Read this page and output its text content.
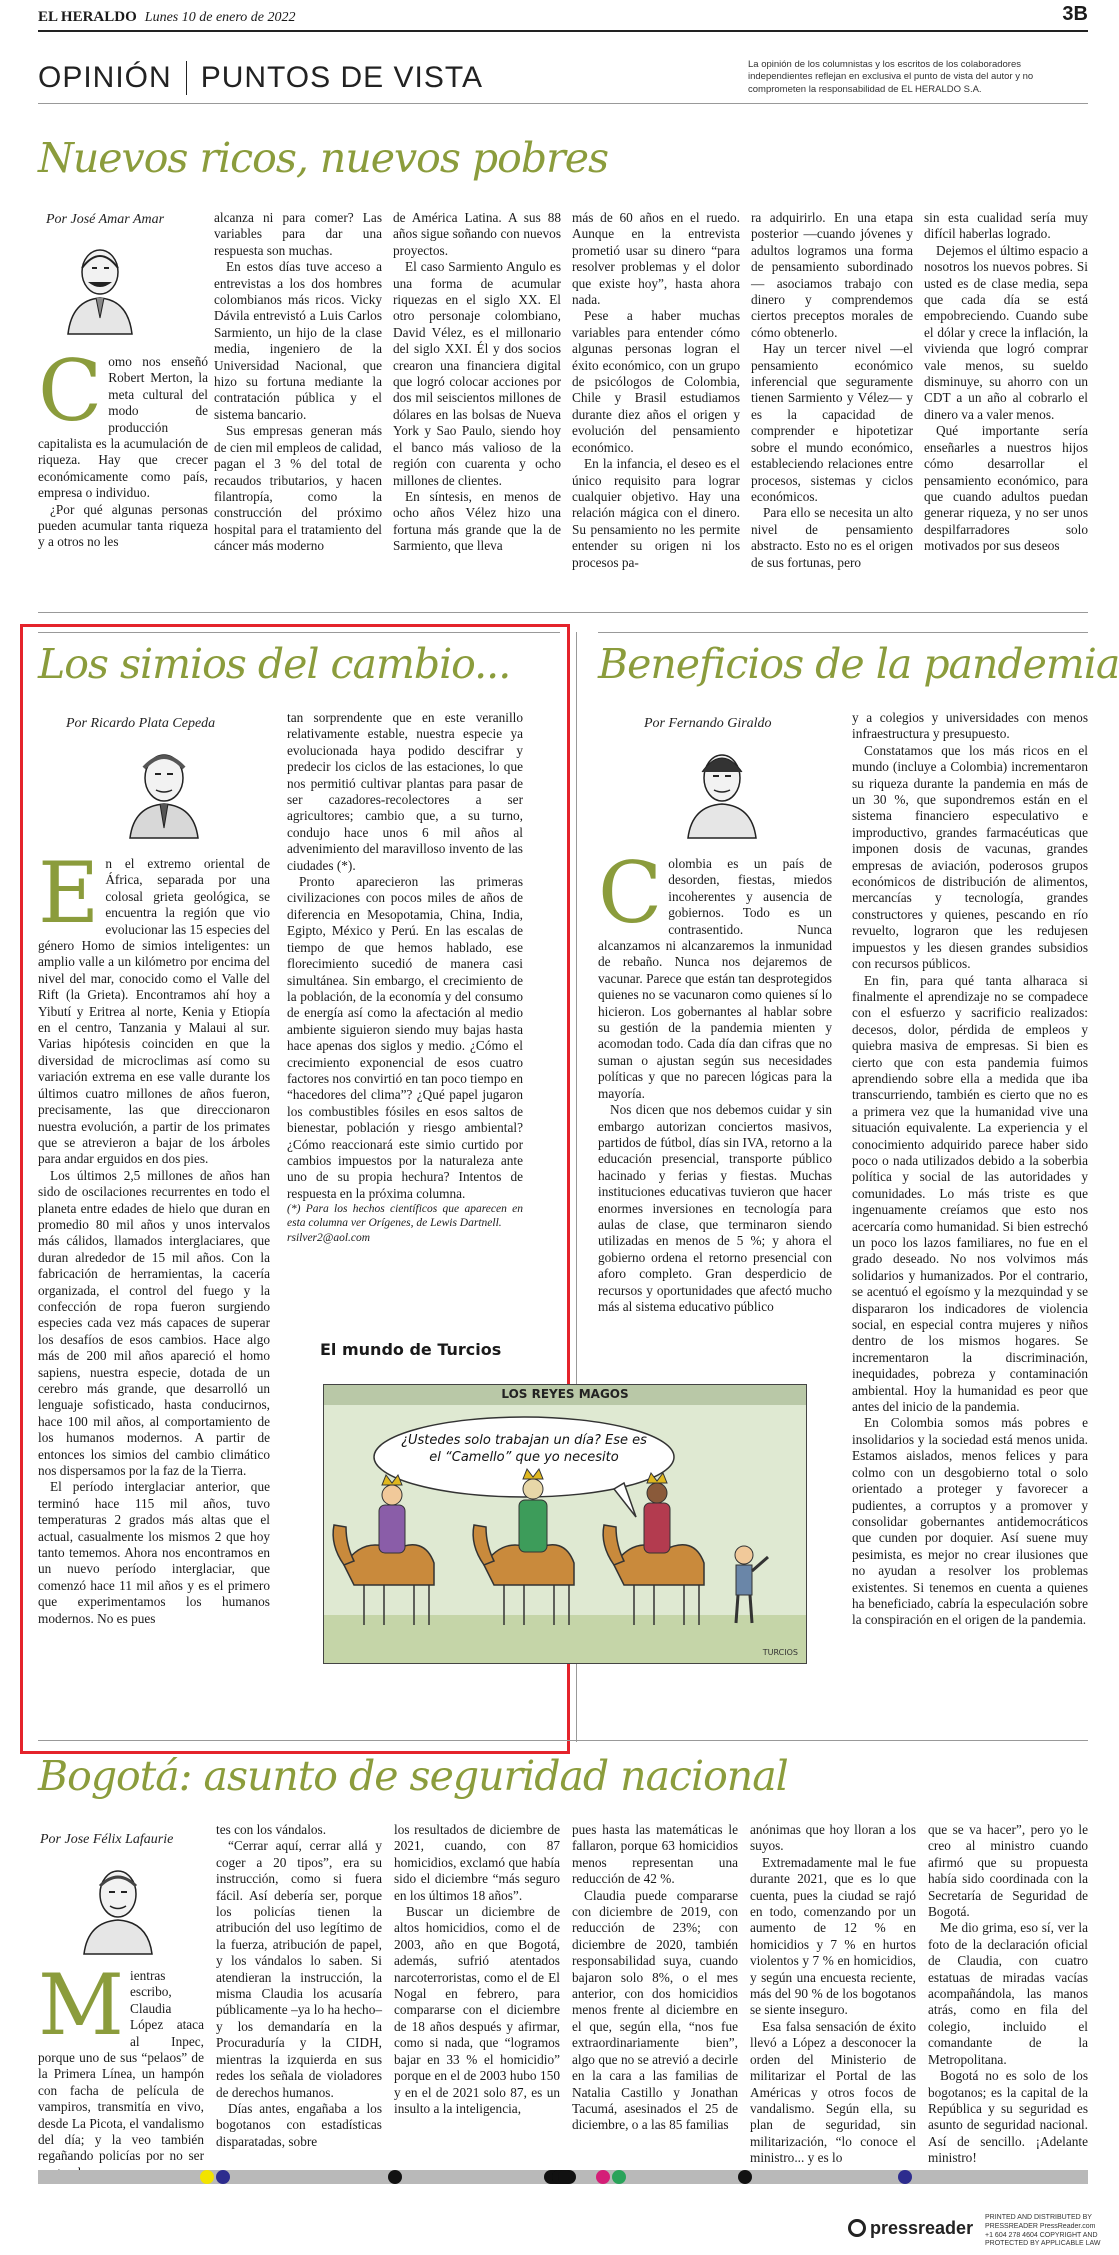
EL HERALDO Lunes 10 de enero de 2022	3B
OPINIÓN PUNTOS DE VISTA	La opinión de los columnistas y los escritos de los colaboradores independientes reflejan en exclusiva el punto de vista del autor y no comprometen la responsabilidad de EL HERALDO S.A.
Nuevos ricos, nuevos pobres
Por José Amar Amar
C omo nos enseñó Robert Merton, la meta cultural del modo de producción capitalista es la acumulación de riqueza. Hay que crecer económicamente como país, empresa o individuo.

¿Por qué algunas personas pueden acumular tanta riqueza y a otros no les

alcanza ni para comer? Las variables para dar una respuesta son muchas.

En estos días tuve acceso a entrevistas a los dos hombres colombianos más ricos. Vicky Dávila entrevistó a Luis Carlos Sarmiento, un hijo de la clase media, ingeniero de la Universidad Nacional, que hizo su fortuna mediante la contratación pública y el sistema bancario.

Sus empresas generan más de cien mil empleos de calidad, pagan el 3 % del total de recaudos tributarios, y hacen filantropía, como la construcción del próximo hospital para el tratamiento del cáncer más moderno

de América Latina. A sus 88 años sigue soñando con nuevos proyectos.

El caso Sarmiento Angulo es una forma de acumular riquezas en el siglo XX. El otro personaje colombiano, David Vélez, es el millonario del siglo XXI. Él y dos socios crearon una financiera digital que logró colocar acciones por dos mil seiscientos millones de dólares en las bolsas de Nueva York y Sao Paulo, siendo hoy el banco más valioso de la región con cuarenta y ocho millones de clientes.

En síntesis, en menos de ocho años Vélez hizo una fortuna más grande que la de Sarmiento, que lleva

más de 60 años en el ruedo. Aunque en la entrevista prometió usar su dinero “para resolver problemas y el dolor que existe hoy”, hasta ahora nada.

Pese a haber muchas variables para entender cómo algunas personas logran el éxito económico, con un grupo de psicólogos de Colombia, Chile y Brasil estudiamos durante diez años el origen y evolución del pensamiento económico.

En la infancia, el deseo es el único requisito para lograr cualquier objetivo. Hay una relación mágica con el dinero. Su pensamiento no les permite entender su origen ni los procesos pa-

ra adquirirlo. En una etapa posterior —cuando jóvenes y adultos logramos una forma de pensamiento subordinado— asociamos trabajo con dinero y comprendemos ciertos preceptos morales de cómo obtenerlo.

Hay un tercer nivel —el pensamiento económico inferencial que seguramente tienen Sarmiento y Vélez— y es la capacidad de comprender e hipotetizar sobre el mundo económico, estableciendo relaciones entre procesos, sistemas y ciclos económicos.

Para ello se necesita un alto nivel de pensamiento abstracto. Esto no es el origen de sus fortunas, pero

sin esta cualidad sería muy difícil haberlas logrado.

Dejemos el último espacio a nosotros los nuevos pobres. Si usted es de clase media, sepa que cada día se está empobreciendo. Cuando sube el dólar y crece la inflación, la vivienda que logró comprar vale menos, su sueldo disminuye, su ahorro con un CDT a un año al cobrarlo el dinero va a valer menos.

Qué importante sería enseñarles a nuestros hijos cómo desarrollar el pensamiento económico, para que cuando adultos puedan generar riqueza, y no ser unos despilfarradores solo motivados por sus deseos

Los simios del cambio...
Por Ricardo Plata Cepeda
E n el extremo oriental de África, separada por una colosal grieta geológica, se encuentra la región que vio evolucionar las 15 especies del género Homo de simios inteligentes: un amplio valle a un kilómetro por encima del nivel del mar, conocido como el Valle del Rift (la Grieta). Encontramos ahí hoy a Yibutí y Eritrea al norte, Kenia y Etiopía en el centro, Tanzania y Malaui al sur. Varias hipótesis coinciden en que la diversidad de microclimas así como su variación extrema en ese valle durante los últimos cuatro millones de años fueron, precisamente, las que direccionaron nuestra evolución, a partir de los primates que se atrevieron a bajar de los árboles para andar erguidos en dos pies.

Los últimos 2,5 millones de años han sido de oscilaciones recurrentes en todo el planeta entre edades de hielo que duran en promedio 80 mil años y unos intervalos más cálidos, llamados interglaciares, que duran alrededor de 15 mil años. Con la fabricación de herramientas, la cacería organizada, el control del fuego y la confección de ropa fueron surgiendo especies cada vez más capaces de superar los desafíos de esos cambios. Hace algo más de 200 mil años apareció el homo sapiens, nuestra especie, dotada de un cerebro más grande, que desarrolló un lenguaje sofisticado, hasta conducirnos, hace 100 mil años, al comportamiento de los humanos modernos. A partir de entonces los simios del cambio climático nos dispersamos por la faz de la Tierra.

El período interglaciar anterior, que terminó hace 115 mil años, tuvo temperaturas 2 grados más altas que el actual, casualmente los mismos 2 que hoy tanto tememos. Ahora nos encontramos en un nuevo período interglaciar, que comenzó hace 11 mil años y es el primero que experimentamos los humanos modernos. No es pues

tan sorprendente que en este veranillo relativamente estable, nuestra especie ya evolucionada haya podido descifrar y predecir los ciclos de las estaciones, lo que nos permitió cultivar plantas para pasar de ser cazadores-recolectores a ser agricultores; cambio que, a su turno, condujo hace unos 6 mil años al advenimiento del maravilloso invento de las ciudades (*).

Pronto aparecieron las primeras civilizaciones con pocos miles de años de diferencia en Mesopotamia, China, India, Egipto, México y Perú. En las escalas de tiempo de que hemos hablado, ese florecimiento sucedió de manera casi simultánea. Sin embargo, el crecimiento de la población, de la economía y del consumo de energía así como la afectación al medio ambiente siguieron siendo muy bajas hasta hace apenas dos siglos y medio. ¿Cómo el crecimiento exponencial de esos cuatro factores nos convirtió en tan poco tiempo en “hacedores del clima”? ¿Qué papel jugaron los combustibles fósiles en esos saltos de bienestar, población y riesgo ambiental? ¿Cómo reaccionará este simio curtido por cambios impuestos por la naturaleza ante uno de su propia hechura? Intentos de respuesta en la próxima columna.

(*) Para los hechos científicos que aparecen en esta columna ver Orígenes, de Lewis Dartnell.

rsilver2@aol.com

El mundo de Turcios
LOS REYES MAGOS
¿Ustedes solo trabajan un día? Ese es el “Camello” que yo necesito
TURCIOS
Beneficios de la pandemia
Por Fernando Giraldo
C olombia es un país de desorden, fiestas, miedos incoherentes y ausencia de gobiernos. Todo es un contrasentido. Nunca alcanzamos ni alcanzaremos la inmunidad de rebaño. Nunca nos dejaremos de vacunar. Parece que están tan desprotegidos quienes no se vacunaron como quienes sí lo hicieron. Los gobernantes al hablar sobre su gestión de la pandemia mienten y acomodan todo. Cada día dan cifras que no suman o ajustan según sus necesidades políticas y que no parecen lógicas para la mayoría.

Nos dicen que nos debemos cuidar y sin embargo autorizan conciertos masivos, partidos de fútbol, días sin IVA, retorno a la educación presencial, transporte público hacinado y ferias y fiestas. Muchas instituciones educativas tuvieron que hacer enormes inversiones en tecnología para aulas de clase, que terminaron siendo utilizadas en menos de 5 %; y ahora el gobierno ordena el retorno presencial con aforo completo. Gran desperdicio de recursos y oportunidades que afectó mucho más al sistema educativo público

y a colegios y universidades con menos infraestructura y presupuesto.

Constatamos que los más ricos en el mundo (incluye a Colombia) incrementaron su riqueza durante la pandemia en más de un 30 %, que supondremos están en el sistema financiero especulativo e improductivo, grandes farmacéuticas que imponen dosis de vacunas, grandes empresas de aviación, poderosos grupos económicos de distribución de alimentos, mercancías y tecnología, grandes constructores y quienes, pescando en río revuelto, lograron que les redujesen impuestos y les diesen grandes subsidios con recursos públicos.

En fin, para qué tanta alharaca si finalmente el aprendizaje no se compadece con el esfuerzo y sacrificio realizados: decesos, dolor, pérdida de empleos y quiebra masiva de empresas. Si bien es cierto que con esta pandemia fuimos aprendiendo sobre ella a medida que iba transcurriendo, también es cierto que no es a primera vez que la humanidad vive una situación equivalente. La experiencia y el conocimiento adquirido parece haber sido poco o nada utilizados debido a la soberbia política y social de las autoridades y comunidades. Lo más triste es que ingenuamente creíamos que esto nos acercaría como humanidad. Si bien estrechó un poco los lazos familiares, no fue en el grado deseado. No nos volvimos más solidarios y humanizados. Por el contrario, se acentuó el egoísmo y la mezquindad y se dispararon los indicadores de violencia social, en especial contra mujeres y niños dentro de los mismos hogares. Se incrementaron la discriminación, inequidades, pobreza y contaminación ambiental. Hoy la humanidad es peor que antes del inicio de la pandemia.

En Colombia somos más pobres e insolidarios y la sociedad está menos unida. Estamos aislados, menos felices y para colmo con un desgobierno total o solo orientado a proteger y favorecer a pudientes, a corruptos y a promover y consolidar gobernantes antidemocráticos que cunden por doquier. Así suene muy pesimista, es mejor no crear ilusiones que no ayudan a resolver los problemas existentes. Si tenemos en cuenta a quienes ha beneficiado, cabría la especulación sobre la conspiración en el origen de la pandemia.

Bogotá: asunto de seguridad nacional
Por Jose Félix Lafaurie
M ientras escribo, Claudia López ataca al Inpec, porque uno de sus “pelaos” de la Primera Línea, un hampón con facha de película de vampiros, transmitía en vivo, desde La Picota, el vandalismo del día; y la veo también regañando policías por no ser

tes con los vándalos.

“Cerrar aquí, cerrar allá y coger a 20 tipos”, era su instrucción, como si fuera fácil. Así debería ser, porque los policías tienen la atribución del uso legítimo de la fuerza, atribución de papel, y los vándalos lo saben. Si atendieran la instrucción, la misma Claudia los acusaría públicamente –ya lo ha hecho– y los demandaría en la Procuraduría y la CIDH, mientras la izquierda en sus redes los señala de violadores de derechos humanos.

Días antes, engañaba a los bogotanos con estadísticas disparatadas, sobre

los resultados de diciembre de 2021, cuando, con 87 homicidios, exclamó que había sido el diciembre “más seguro en los últimos 18 años”.

Buscar un diciembre de altos homicidios, como el de 2003, año en que Bogotá, además, sufrió atentados narcoterroristas, como el de El Nogal en febrero, para compararse con el diciembre de 18 años después y afirmar, como si nada, que “logramos bajar en 33 % el homicidio” porque en el de 2003 hubo 150 y en el de 2021 solo 87, es un insulto a la inteligencia,

pues hasta las matemáticas le fallaron, porque 63 homicidios menos representan una reducción de 42 %.

Claudia puede compararse con diciembre de 2019, con reducción de 23%; con diciembre de 2020, también responsabilidad suya, cuando bajaron solo 8%, o el mes anterior, con dos homicidios menos frente al diciembre en el que, según ella, “nos fue extraordinariamente bien”, algo que no se atrevió a decirle en la cara a las familias de Natalia Castillo y Jonathan Tacumá, asesinados el 25 de diciembre, o a las 85 familias

anónimas que hoy lloran a los suyos.

Extremadamente mal le fue durante 2021, que es lo que cuenta, pues la ciudad se rajó en todo, comenzando por un aumento de 12 % en homicidios y 7 % en hurtos violentos y 7 % en homicidios, y según una encuesta reciente, más del 90 % de los bogotanos se siente inseguro.

Esa falsa sensación de éxito llevó a López a desconocer la orden del Ministerio de militarizar el Portal de las Américas y otros focos de vandalismo. Según ella, su plan de seguridad, sin militarización, “lo conoce el ministro... y es lo

que se va hacer”, pero yo le creo al ministro cuando afirmó que su propuesta había sido coordinada con la Secretaría de Seguridad de Bogotá.

Me dio grima, eso sí, ver la foto de la declaración oficial de Claudia, con cuatro estatuas de miradas vacías acompañándola, las manos atrás, como en fila del colegio, incluido el comandante de la Metropolitana.

Bogotá no es solo de los bogotanos; es la capital de la República y su seguridad es asunto de seguridad nacional. Así de sencillo. ¡Adelante ministro!

pressreader
PRINTED AND DISTRIBUTED BY PRESSREADER PressReader.com +1 604 278 4604 COPYRIGHT AND PROTECTED BY APPLICABLE LAW
